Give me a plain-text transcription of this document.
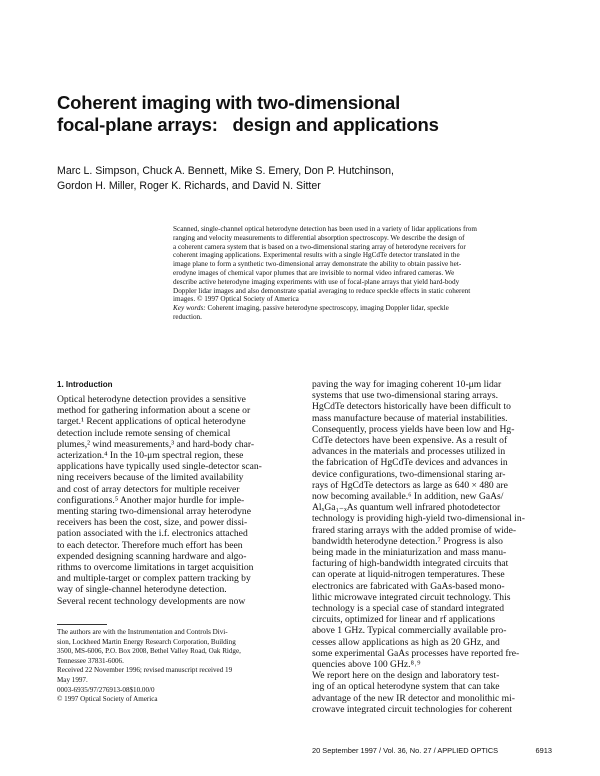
Coherent imaging with two-dimensional
focal-plane arrays:   design and applications
Marc L. Simpson, Chuck A. Bennett, Mike S. Emery, Don P. Hutchinson,
Gordon H. Miller, Roger K. Richards, and David N. Sitter
Scanned, single-channel optical heterodyne detection has been used in a variety of lidar applications from
ranging and velocity measurements to differential absorption spectroscopy. We describe the design of
a coherent camera system that is based on a two-dimensional staring array of heterodyne receivers for
coherent imaging applications. Experimental results with a single HgCdTe detector translated in the
image plane to form a synthetic two-dimensional array demonstrate the ability to obtain passive het-
erodyne images of chemical vapor plumes that are invisible to normal video infrared cameras. We
describe active heterodyne imaging experiments with use of focal-plane arrays that yield hard-body
Doppler lidar images and also demonstrate spatial averaging to reduce speckle effects in static coherent
images. © 1997 Optical Society of America
Key words: Coherent imaging, passive heterodyne spectroscopy, imaging Doppler lidar, speckle
reduction.
1. Introduction
Optical heterodyne detection provides a sensitive
method for gathering information about a scene or
target.¹ Recent applications of optical heterodyne
detection include remote sensing of chemical
plumes,² wind measurements,³ and hard-body char-
acterization.⁴ In the 10-μm spectral region, these
applications have typically used single-detector scan-
ning receivers because of the limited availability
and cost of array detectors for multiple receiver
configurations.⁵ Another major hurdle for imple-
menting staring two-dimensional array heterodyne
receivers has been the cost, size, and power dissi-
pation associated with the i.f. electronics attached
to each detector. Therefore much effort has been
expended designing scanning hardware and algo-
rithms to overcome limitations in target acquisition
and multiple-target or complex pattern tracking by
way of single-channel heterodyne detection.
Several recent technology developments are now
paving the way for imaging coherent 10-μm lidar
systems that use two-dimensional staring arrays.
HgCdTe detectors historically have been difficult to
mass manufacture because of material instabilities.
Consequently, process yields have been low and Hg-
CdTe detectors have been expensive. As a result of
advances in the materials and processes utilized in
the fabrication of HgCdTe devices and advances in
device configurations, two-dimensional staring ar-
rays of HgCdTe detectors as large as 640 × 480 are
now becoming available.⁶ In addition, new GaAs/
AlₓGa₁₋ₓAs quantum well infrared photodetector
technology is providing high-yield two-dimensional in-
frared staring arrays with the added promise of wide-
bandwidth heterodyne detection.⁷ Progress is also
being made in the miniaturization and mass manu-
facturing of high-bandwidth integrated circuits that
can operate at liquid-nitrogen temperatures. These
electronics are fabricated with GaAs-based mono-
lithic microwave integrated circuit technology. This
technology is a special case of standard integrated
circuits, optimized for linear and rf applications
above 1 GHz. Typical commercially available pro-
cesses allow applications as high as 20 GHz, and
some experimental GaAs processes have reported fre-
quencies above 100 GHz.⁸˒⁹
We report here on the design and laboratory test-
ing of an optical heterodyne system that can take
advantage of the new IR detector and monolithic mi-
crowave integrated circuit technologies for coherent
The authors are with the Instrumentation and Controls Divi-
sion, Lockheed Martin Energy Research Corporation, Building
3500, MS-6006, P.O. Box 2008, Bethel Valley Road, Oak Ridge,
Tennessee 37831-6006.
Received 22 November 1996; revised manuscript received 19
May 1997.
0003-6935/97/276913-08$10.00/0
© 1997 Optical Society of America
20 September 1997 / Vol. 36, No. 27 / APPLIED OPTICS	6913
